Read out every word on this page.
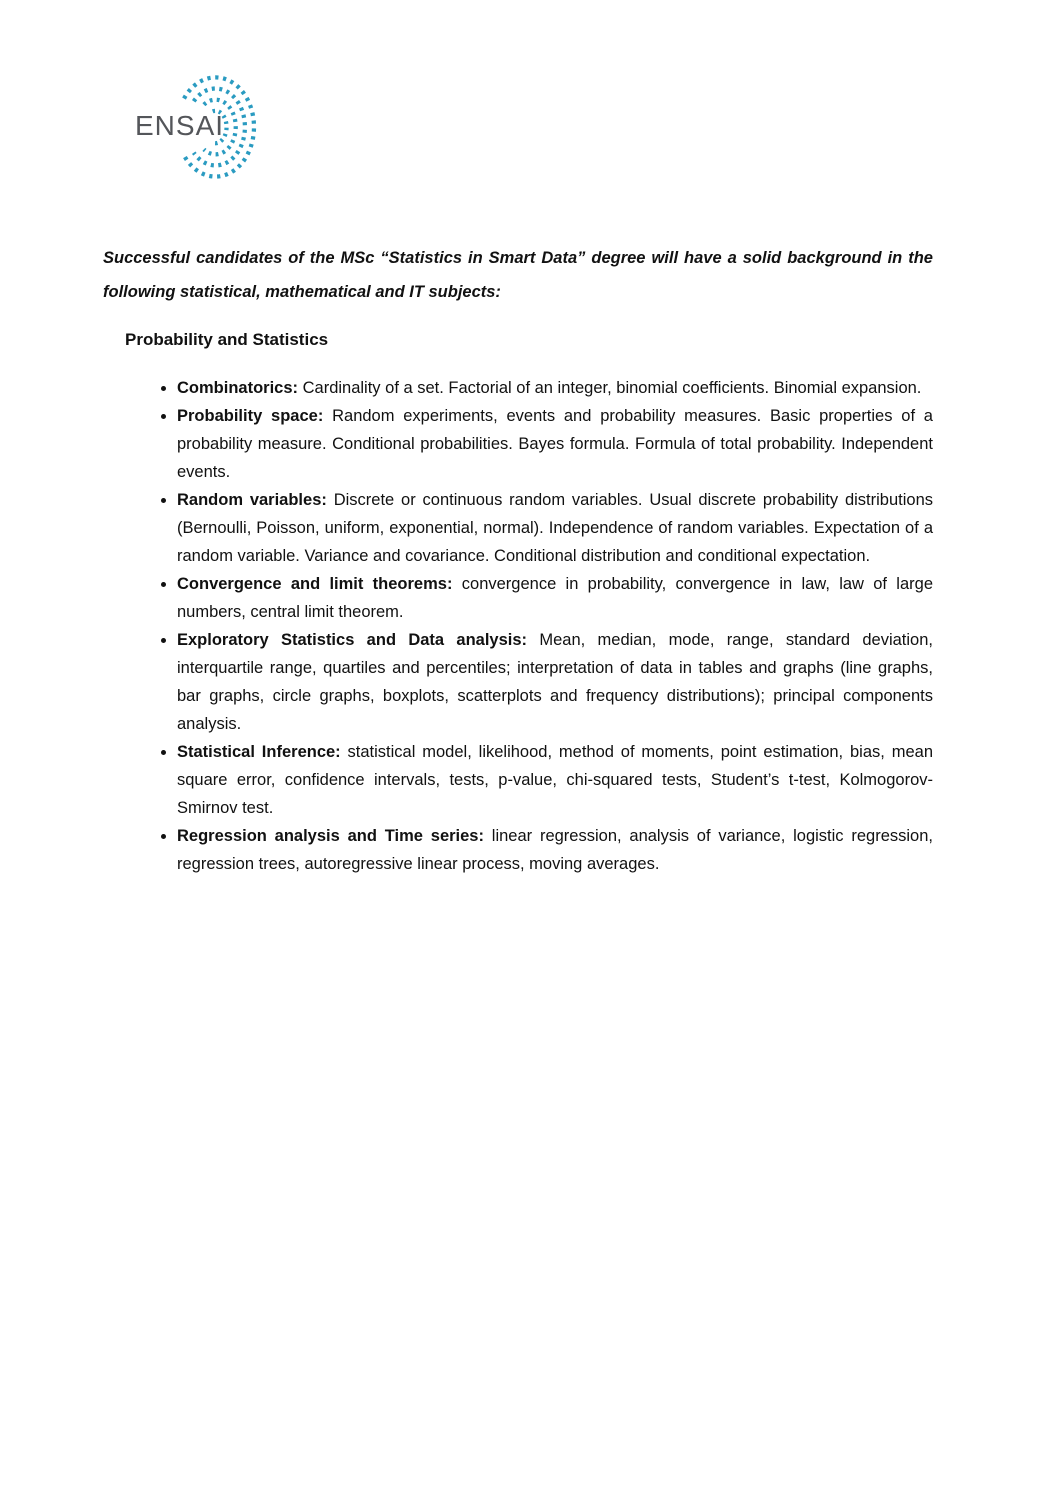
ENSAI

Successful candidates of the MSc “Statistics in Smart Data” degree will have a solid background in the following statistical, mathematical and IT subjects:

Probability and Statistics
• Combinatorics: Cardinality of a set. Factorial of an integer, binomial coefficients. Binomial expansion.
• Probability space: Random experiments, events and probability measures. Basic properties of a probability measure. Conditional probabilities. Bayes formula. Formula of total probability. Independent events.
• Random variables: Discrete or continuous random variables. Usual discrete probability distributions (Bernoulli, Poisson, uniform, exponential, normal). Independence of random variables. Expectation of a random variable. Variance and covariance. Conditional distribution and conditional expectation.
• Convergence and limit theorems: convergence in probability, convergence in law, law of large numbers, central limit theorem.
• Exploratory Statistics and Data analysis: Mean, median, mode, range, standard deviation, interquartile range, quartiles and percentiles; interpretation of data in tables and graphs (line graphs, bar graphs, circle graphs, boxplots, scatterplots and frequency distributions); principal components analysis.
• Statistical Inference: statistical model, likelihood, method of moments, point estimation, bias, mean square error, confidence intervals, tests, p-value, chi-squared tests, Student’s t-test, Kolmogorov-Smirnov test.
• Regression analysis and Time series: linear regression, analysis of variance, logistic regression, regression trees, autoregressive linear process, moving averages.
